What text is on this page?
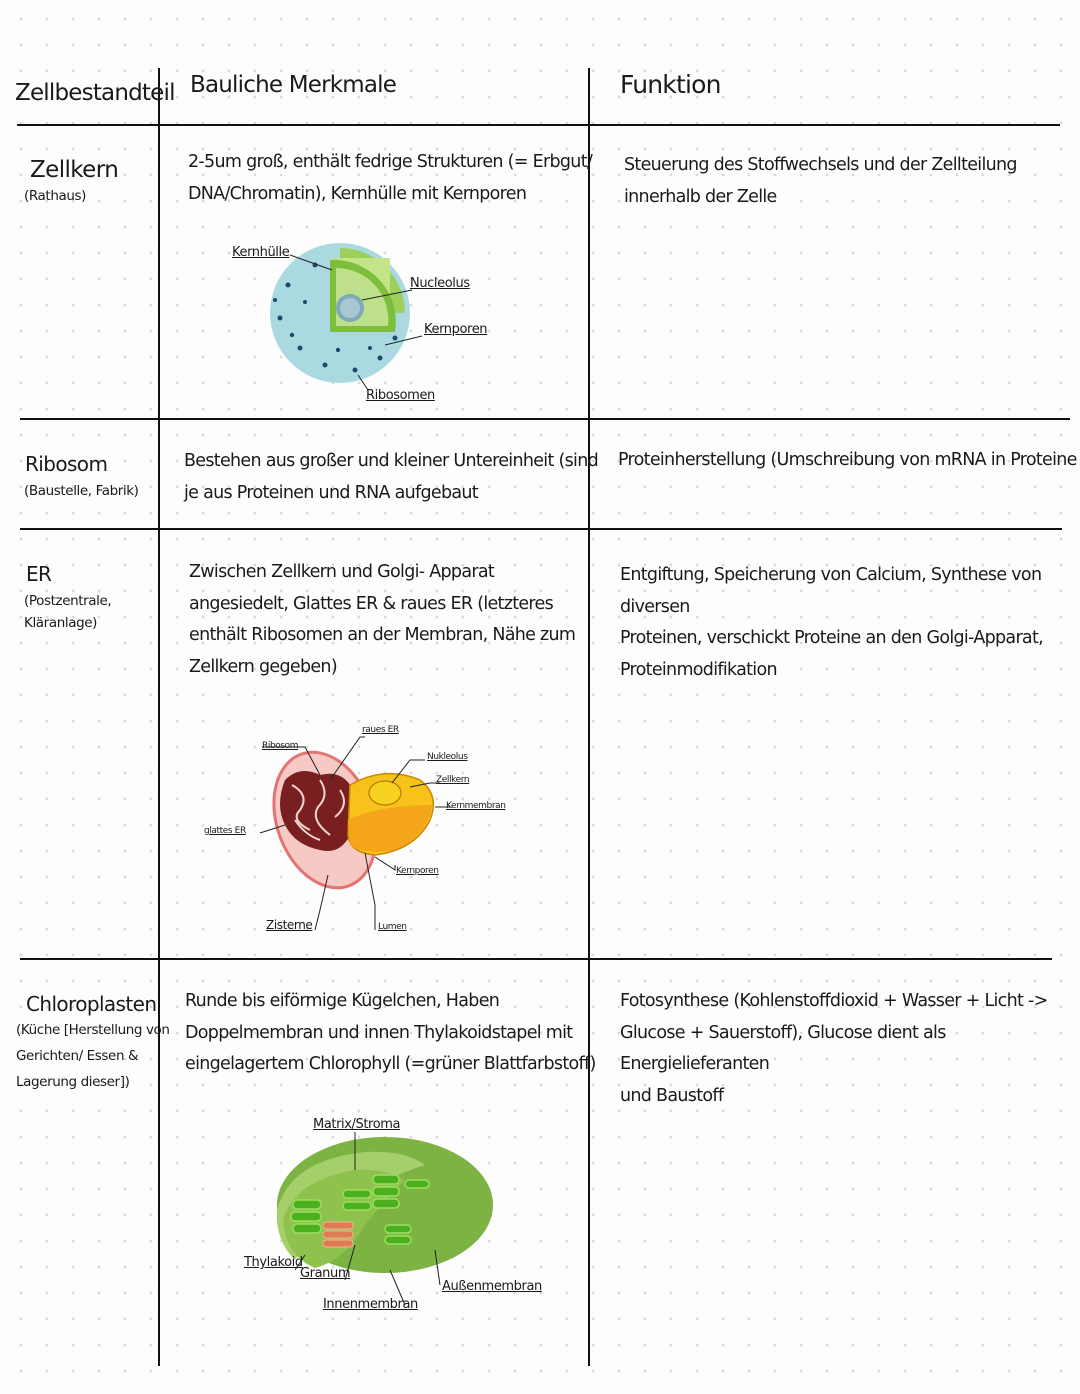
Zellbestandteil Bauliche Merkmale	Funktion
Zellkern
(Rathaus)
2-5um groß, enthält fedrige Strukturen (= Erbgut/
DNA/Chromatin), Kernhülle mit Kernporen
Steuerung des Stoffwechsels und der Zellteilung
innerhalb der Zelle
Kernhülle
Nucleolus
Kernporen
Ribosomen
Ribosom
(Baustelle, Fabrik)
Bestehen aus großer und kleiner Untereinheit (sind
je aus Proteinen und RNA aufgebaut
Proteinherstellung (Umschreibung von mRNA in Proteine
ER
(Postzentrale,
Kläranlage)
Zwischen Zellkern und Golgi- Apparat
angesiedelt, Glattes ER & raues ER (letzteres
enthält Ribosomen an der Membran, Nähe zum
Zellkern gegeben)
Entgiftung, Speicherung von Calcium, Synthese von diversen
Proteinen, verschickt Proteine an den Golgi-Apparat,
Proteinmodifikation
raues ER
Ribosom
Nukleolus
Zellkern
Kernmembran
glattes ER
Kernporen
Zisterne	Lumen
Chloroplasten
(Küche [Herstellung von
Gerichten/ Essen &
Lagerung dieser])
Runde bis eiförmige Kügelchen, Haben
Doppelmembran und innen Thylakoidstapel mit
eingelagertem Chlorophyll (=grüner Blattfarbstoff)
Fotosynthese (Kohlenstoffdioxid + Wasser + Licht ->
Glucose + Sauerstoff), Glucose dient als Energielieferanten
und Baustoff
Matrix/Stroma
Thylakoid
Granum
Innenmembran
Außenmembran
